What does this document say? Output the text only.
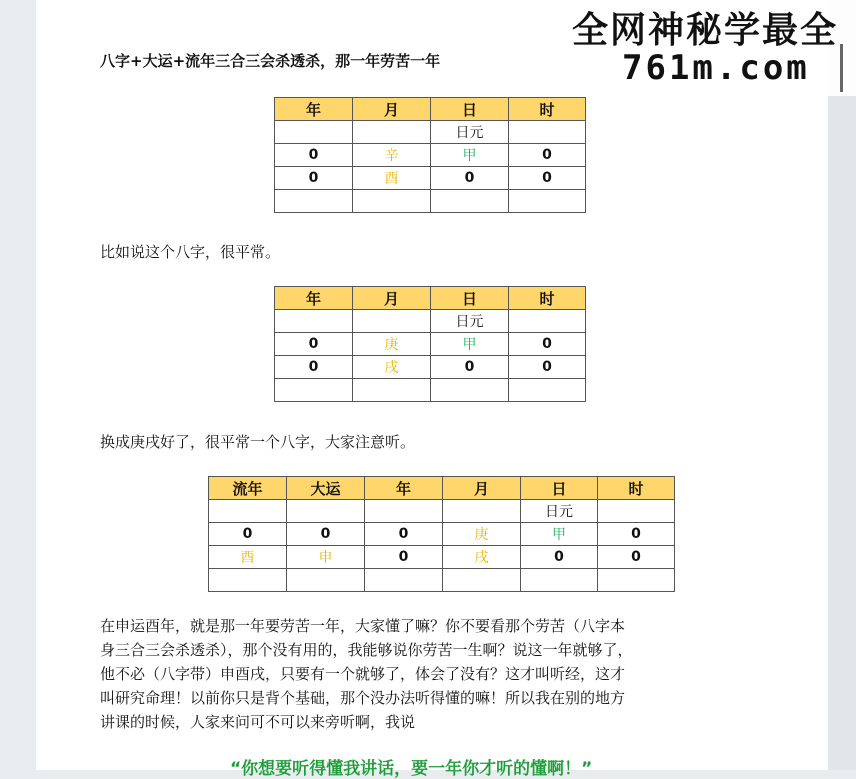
八字+大运+流年三合三会杀透杀，那一年劳苦一年
年	月	日	时
		日元	
0	辛	甲	0
0	酉	0	0

比如说这个八字，很平常。
年	月	日	时
		日元	
0	庚	甲	0
0	戌	0	0

换成庚戌好了，很平常一个八字，大家注意听。
流年	大运	年	月	日	时
				日元	
0	0	0	庚	甲	0
酉	申	0	戌	0	0

在申运酉年，就是那一年要劳苦一年，大家懂了嘛？你不要看那个劳苦（八字本
身三合三会杀透杀），那个没有用的，我能够说你劳苦一生啊？说这一年就够了，
他不必（八字带）申酉戌，只要有一个就够了，体会了没有？这才叫听经，这才
叫研究命理！以前你只是背个基础，那个没办法听得懂的嘛！所以我在别的地方
讲课的时候，人家来问可不可以来旁听啊，我说
“你想要听得懂我讲话，要一年你才听的懂啊！”
全网神秘学最全
761m.com
